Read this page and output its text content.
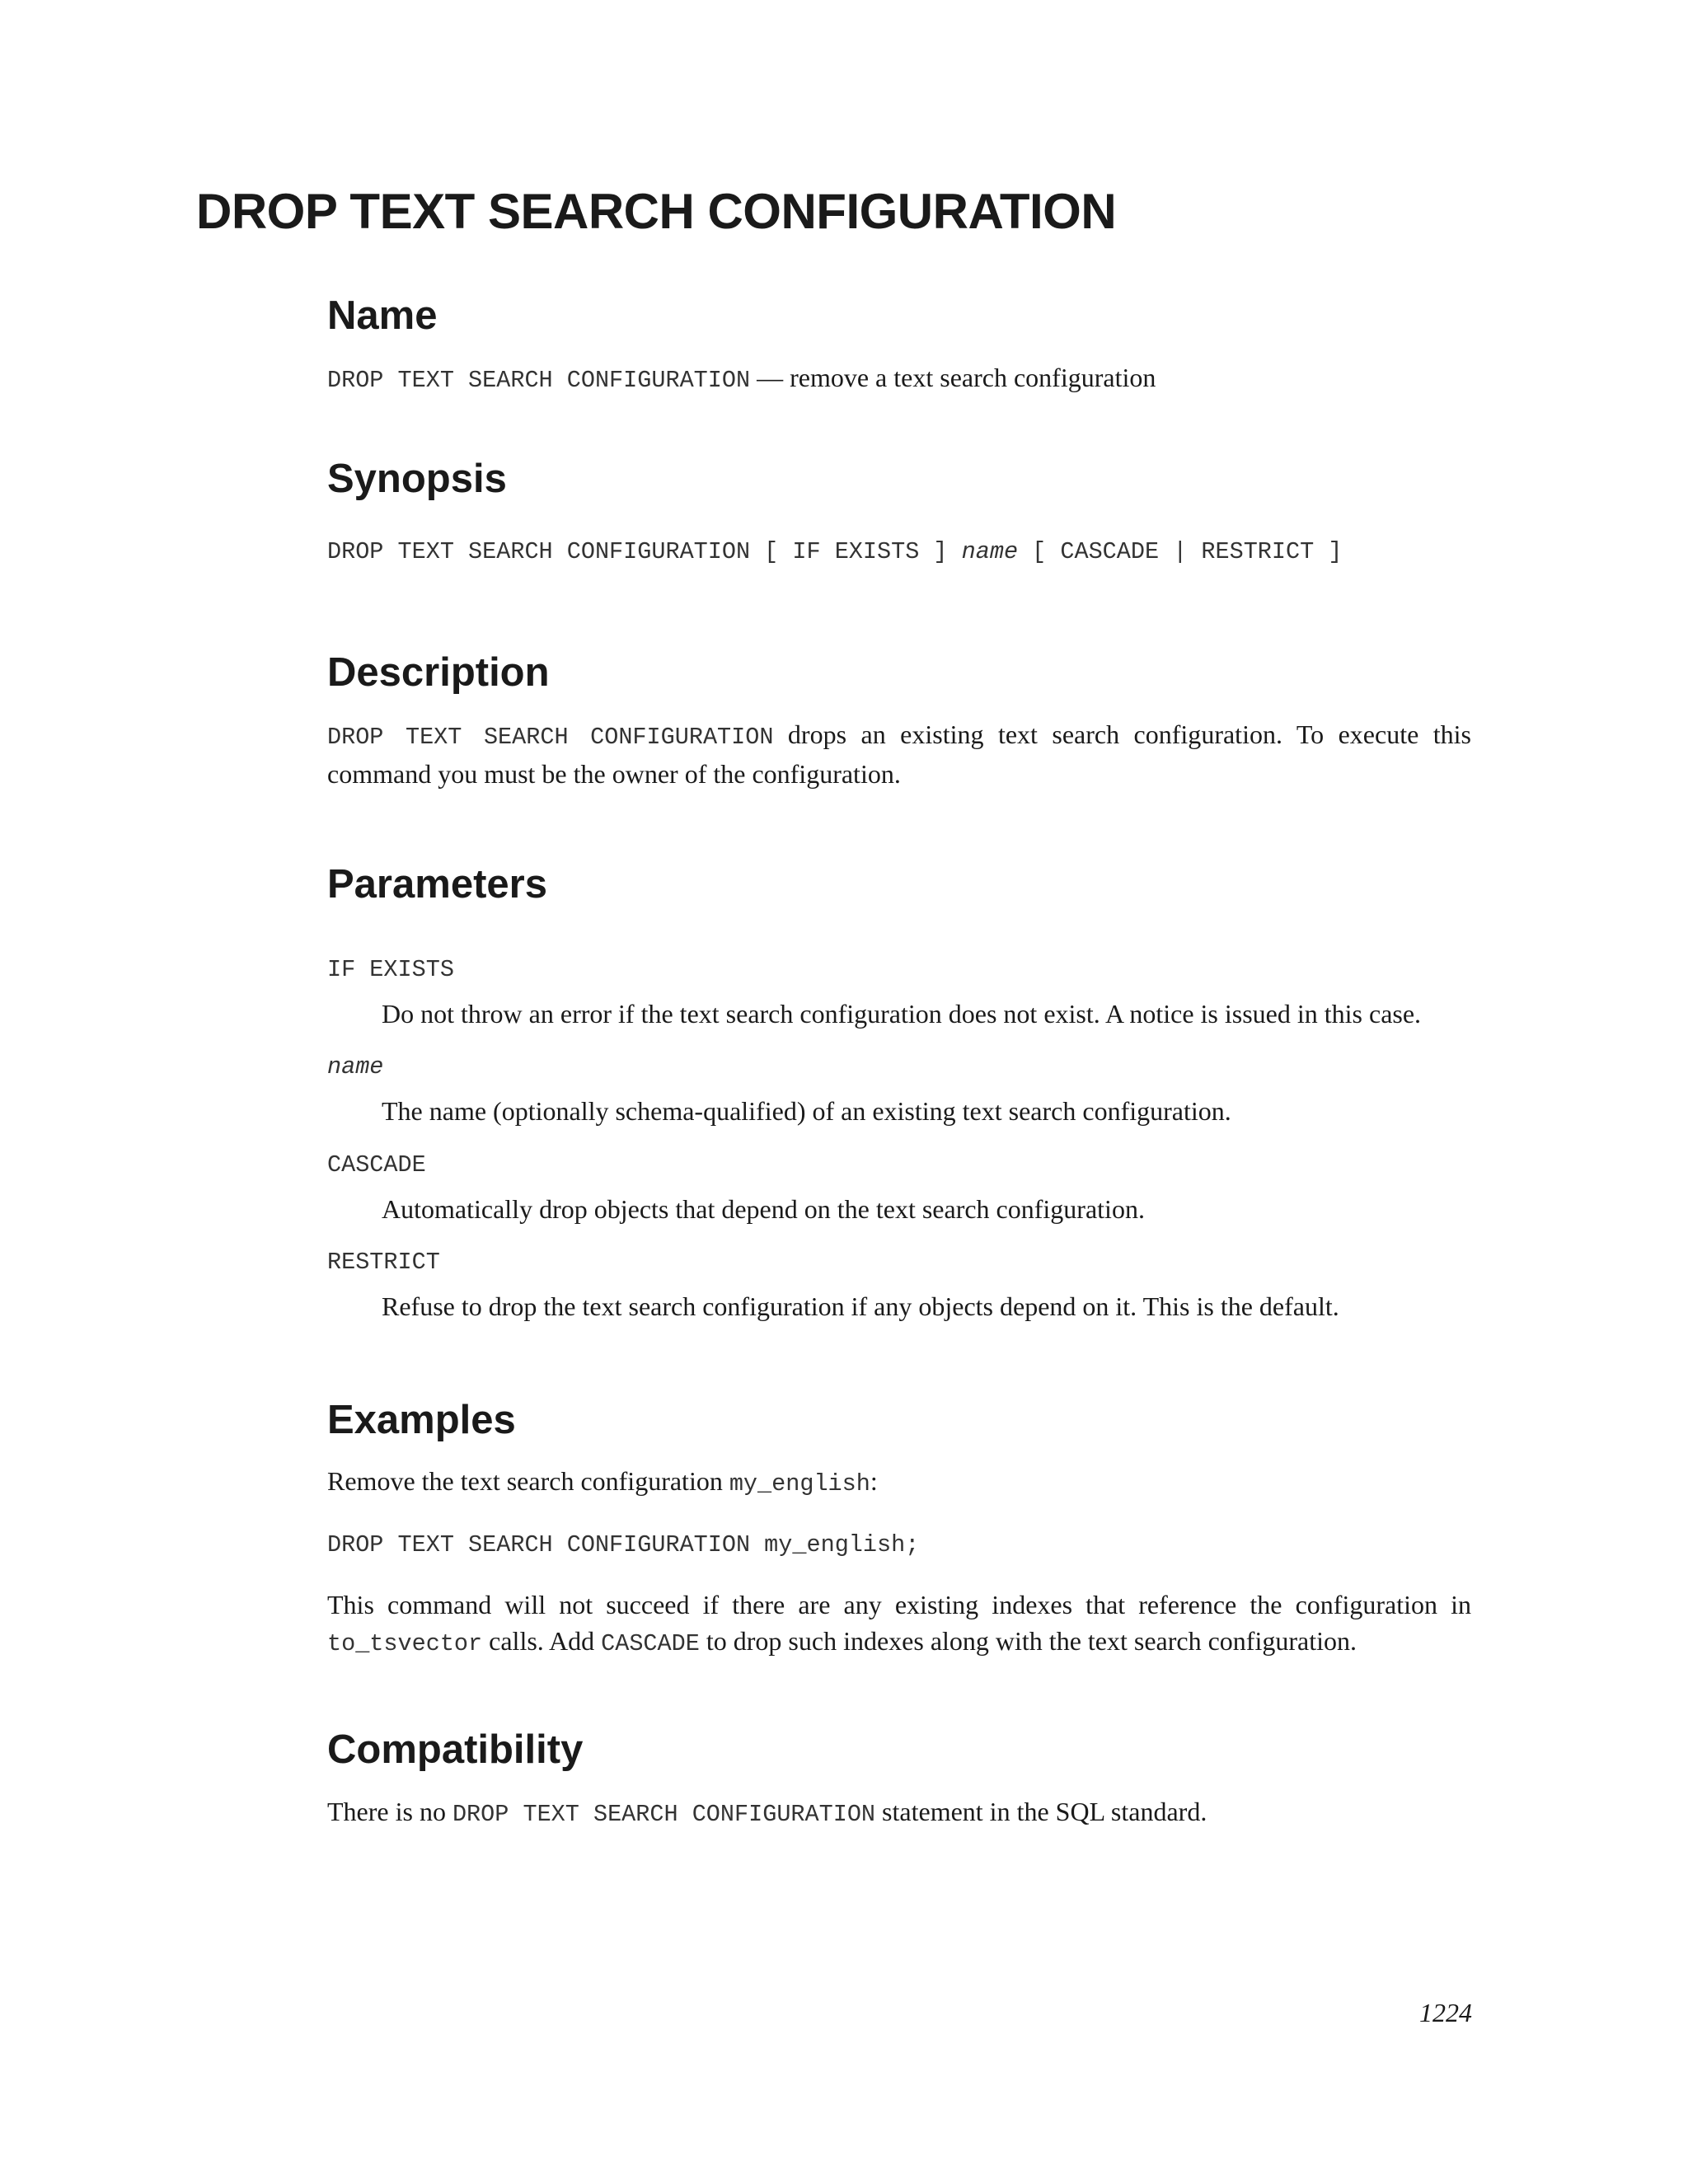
DROP TEXT SEARCH CONFIGURATION
Name

DROP TEXT SEARCH CONFIGURATION — remove a text search configuration

Synopsis

DROP TEXT SEARCH CONFIGURATION [ IF EXISTS ] name [ CASCADE | RESTRICT ]

Description

DROP TEXT SEARCH CONFIGURATION drops an existing text search configuration. To execute this command you must be the owner of the configuration.

Parameters
IF EXISTS

Do not throw an error if the text search configuration does not exist. A notice is issued in this case.

name

The name (optionally schema-qualified) of an existing text search configuration.

CASCADE

Automatically drop objects that depend on the text search configuration.

RESTRICT

Refuse to drop the text search configuration if any objects depend on it. This is the default.

Examples

Remove the text search configuration my_english:

DROP TEXT SEARCH CONFIGURATION my_english;

This command will not succeed if there are any existing indexes that reference the configuration in to_tsvector calls. Add CASCADE to drop such indexes along with the text search configuration.

Compatibility

There is no DROP TEXT SEARCH CONFIGURATION statement in the SQL standard.

1224
